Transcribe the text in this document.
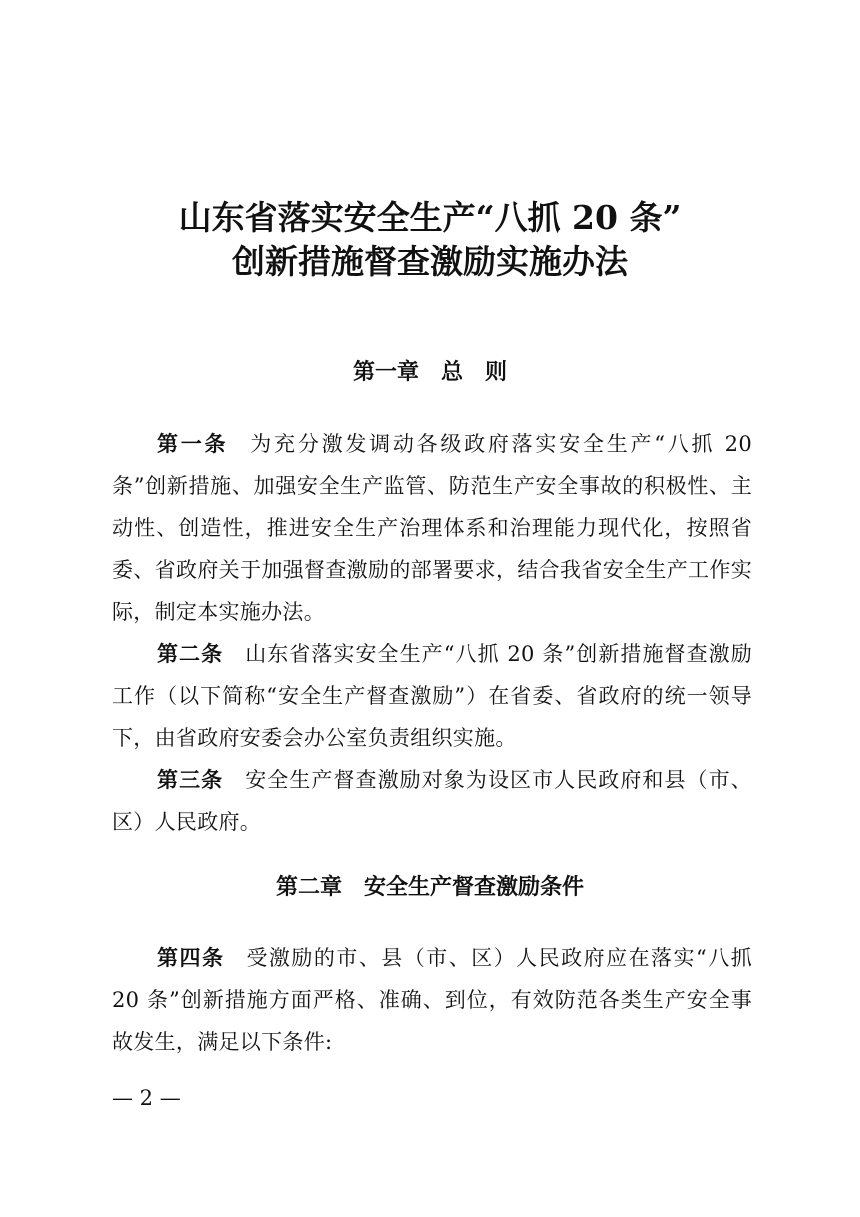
山东省落实安全生产“八抓 20 条”
创新措施督查激励实施办法
第一章 总　则
第一条 为充分激发调动各级政府落实安全生产“八抓 20 条”创新措施、加强安全生产监管、防范生产安全事故的积极性、主动性、创造性，推进安全生产治理体系和治理能力现代化，按照省委、省政府关于加强督查激励的部署要求，结合我省安全生产工作实际，制定本实施办法。
第二条 山东省落实安全生产“八抓 20 条”创新措施督查激励工作（以下简称“安全生产督查激励”）在省委、省政府的统一领导下，由省政府安委会办公室负责组织实施。
第三条 安全生产督查激励对象为设区市人民政府和县（市、区）人民政府。
第二章 安全生产督查激励条件
第四条 受激励的市、县（市、区）人民政府应在落实“八抓 20 条”创新措施方面严格、准确、到位，有效防范各类生产安全事故发生，满足以下条件:
— 2 —
